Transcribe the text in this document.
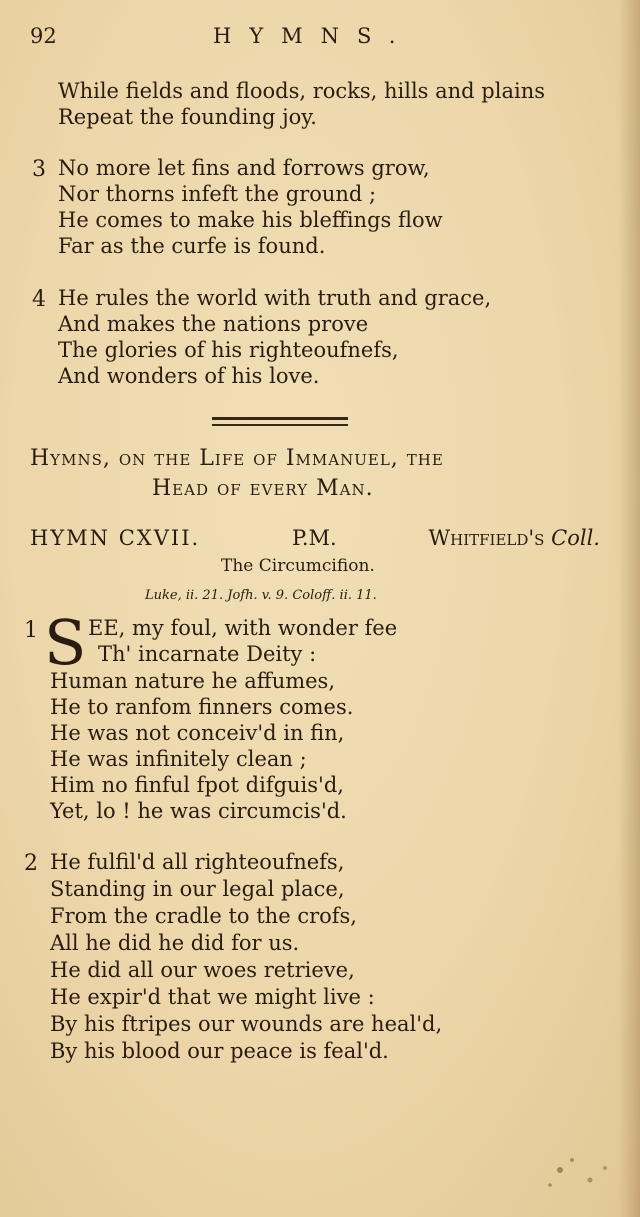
92	HYMNS.
While fields and floods, rocks, hills and plains
Repeat the founding joy.
3 No more let fins and forrows grow,
Nor thorns infeft the ground ;
He comes to make his bleffings flow
Far as the curfe is found.
4 He rules the world with truth and grace,
And makes the nations prove
The glories of his righteoufnefs,
And wonders of his love.
Hymns, on the Life of Immanuel, the
Head of every Man.
HYMN CXVII.	P.M.	Whitfield's Coll.
The Circumcifion.
Luke, ii. 21. Jofh. v. 9. Coloff. ii. 11.
1 S EE, my foul, with wonder fee
Th' incarnate Deity :
Human nature he affumes,
He to ranfom finners comes.
He was not conceiv'd in fin,
He was infinitely clean ;
Him no finful fpot difguis'd,
Yet, lo ! he was circumcis'd.
2 He fulfil'd all righteoufnefs,
Standing in our legal place,
From the cradle to the crofs,
All he did he did for us.
He did all our woes retrieve,
He expir'd that we might live :
By his ftripes our wounds are heal'd,
By his blood our peace is feal'd.
